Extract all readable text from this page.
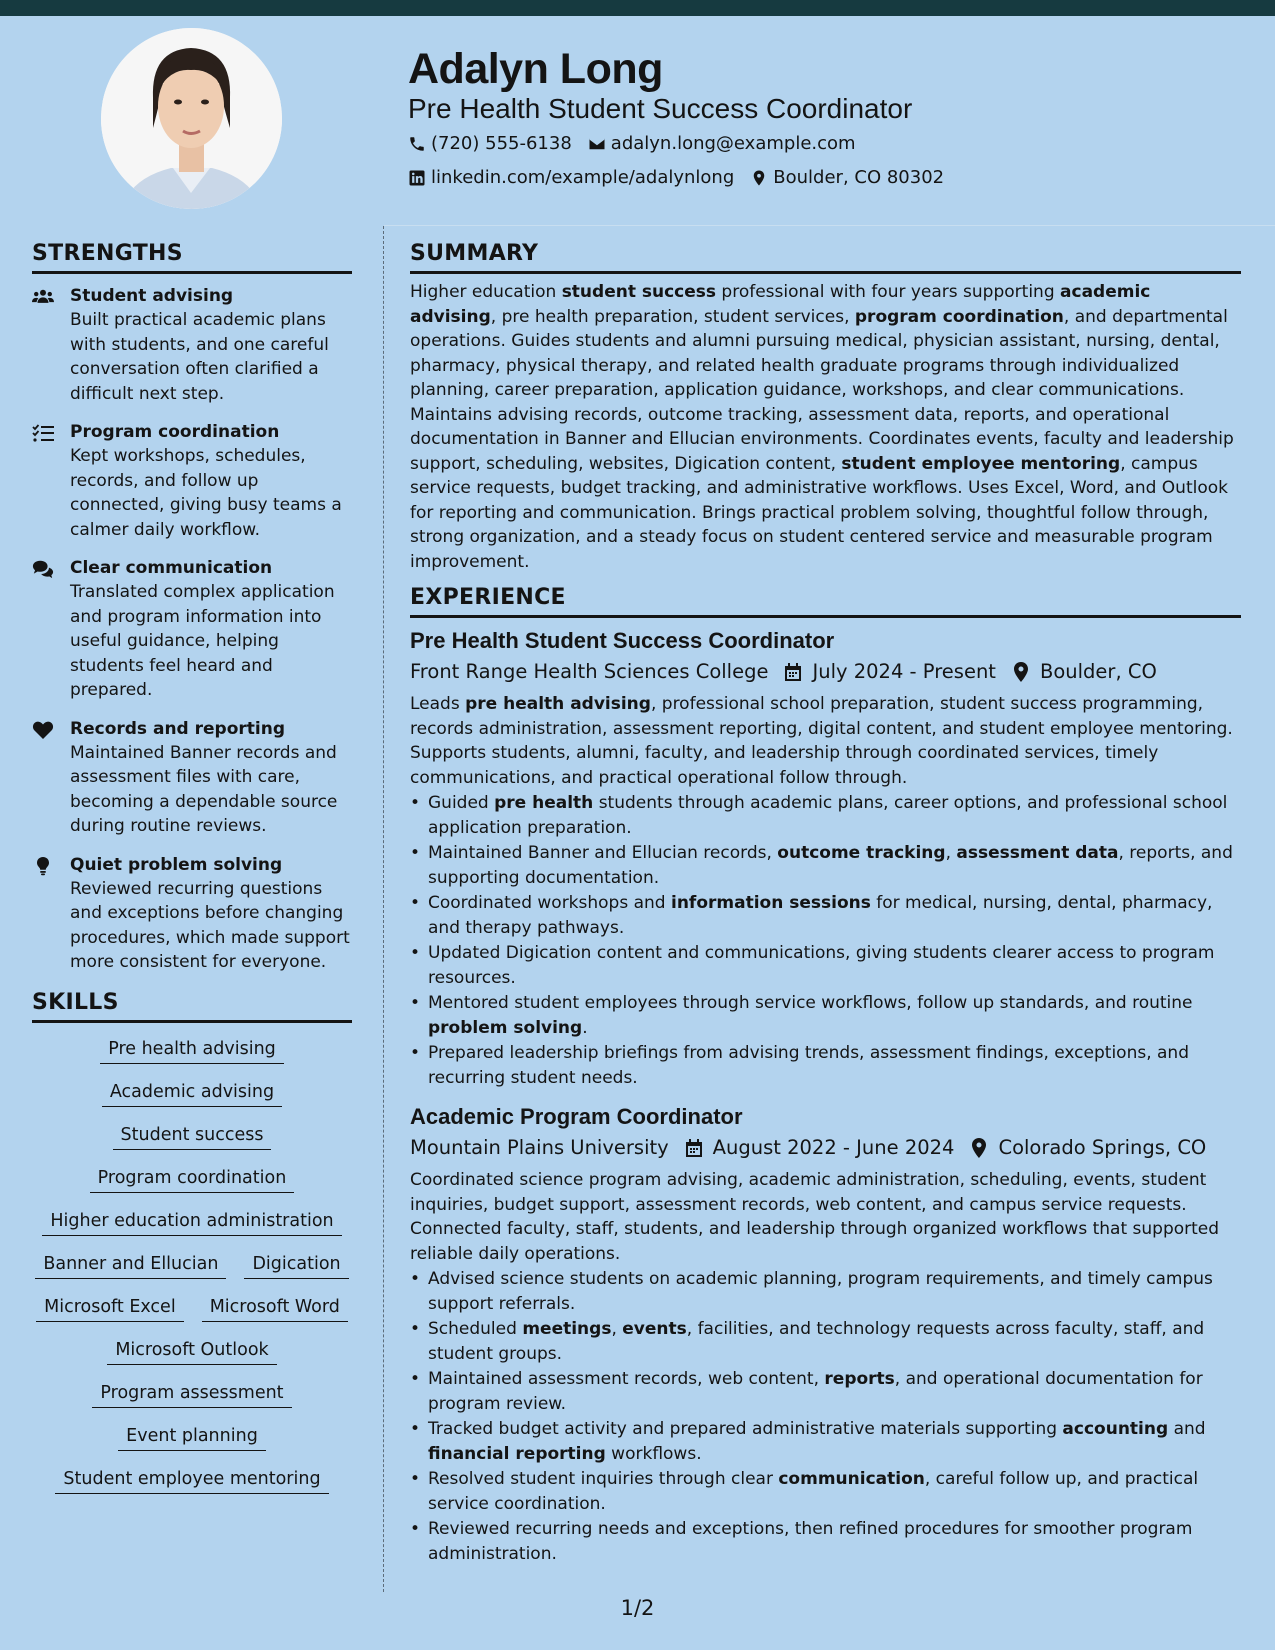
Adalyn Long
Pre Health Student Success Coordinator
(720) 555-6138 adalyn.long@example.com
linkedin.com/example/adalynlong Boulder, CO 80302
STRENGTHS
Student advising
Built practical academic plans with students, and one careful conversation often clarified a difficult next step.
Program coordination
Kept workshops, schedules, records, and follow up connected, giving busy teams a calmer daily workflow.
Clear communication
Translated complex application and program information into useful guidance, helping students feel heard and prepared.
Records and reporting
Maintained Banner records and assessment files with care, becoming a dependable source during routine reviews.
Quiet problem solving
Reviewed recurring questions and exceptions before changing procedures, which made support more consistent for everyone.
SKILLS
Pre health advising
Academic advising
Student success
Program coordination
Higher education administration
Banner and Ellucian	Digication
Microsoft Excel	Microsoft Word
Microsoft Outlook
Program assessment
Event planning
Student employee mentoring
SUMMARY

Higher education student success professional with four years supporting academic advising, pre health preparation, student services, program coordination, and departmental operations. Guides students and alumni pursuing medical, physician assistant, nursing, dental, pharmacy, physical therapy, and related health graduate programs through individualized planning, career preparation, application guidance, workshops, and clear communications. Maintains advising records, outcome tracking, assessment data, reports, and operational documentation in Banner and Ellucian environments. Coordinates events, faculty and leadership support, scheduling, websites, Digication content, student employee mentoring, campus service requests, budget tracking, and administrative workflows. Uses Excel, Word, and Outlook for reporting and communication. Brings practical problem solving, thoughtful follow through, strong organization, and a steady focus on student centered service and measurable program improvement.

EXPERIENCE
Pre Health Student Success Coordinator
Front Range Health Sciences College July 2024 - Present Boulder, CO

Leads pre health advising, professional school preparation, student success programming, records administration, assessment reporting, digital content, and student employee mentoring. Supports students, alumni, faculty, and leadership through coordinated services, timely communications, and practical operational follow through.

• Guided pre health students through academic plans, career options, and professional school application preparation.
• Maintained Banner and Ellucian records, outcome tracking, assessment data, reports, and supporting documentation.
• Coordinated workshops and information sessions for medical, nursing, dental, pharmacy, and therapy pathways.
• Updated Digication content and communications, giving students clearer access to program resources.
• Mentored student employees through service workflows, follow up standards, and routine problem solving.
• Prepared leadership briefings from advising trends, assessment findings, exceptions, and recurring student needs.
Academic Program Coordinator
Mountain Plains University August 2022 - June 2024 Colorado Springs, CO

Coordinated science program advising, academic administration, scheduling, events, student inquiries, budget support, assessment records, web content, and campus service requests. Connected faculty, staff, students, and leadership through organized workflows that supported reliable daily operations.

• Advised science students on academic planning, program requirements, and timely campus support referrals.
• Scheduled meetings, events, facilities, and technology requests across faculty, staff, and student groups.
• Maintained assessment records, web content, reports, and operational documentation for program review.
• Tracked budget activity and prepared administrative materials supporting accounting and financial reporting workflows.
• Resolved student inquiries through clear communication, careful follow up, and practical service coordination.
• Reviewed recurring needs and exceptions, then refined procedures for smoother program administration.
1/2
